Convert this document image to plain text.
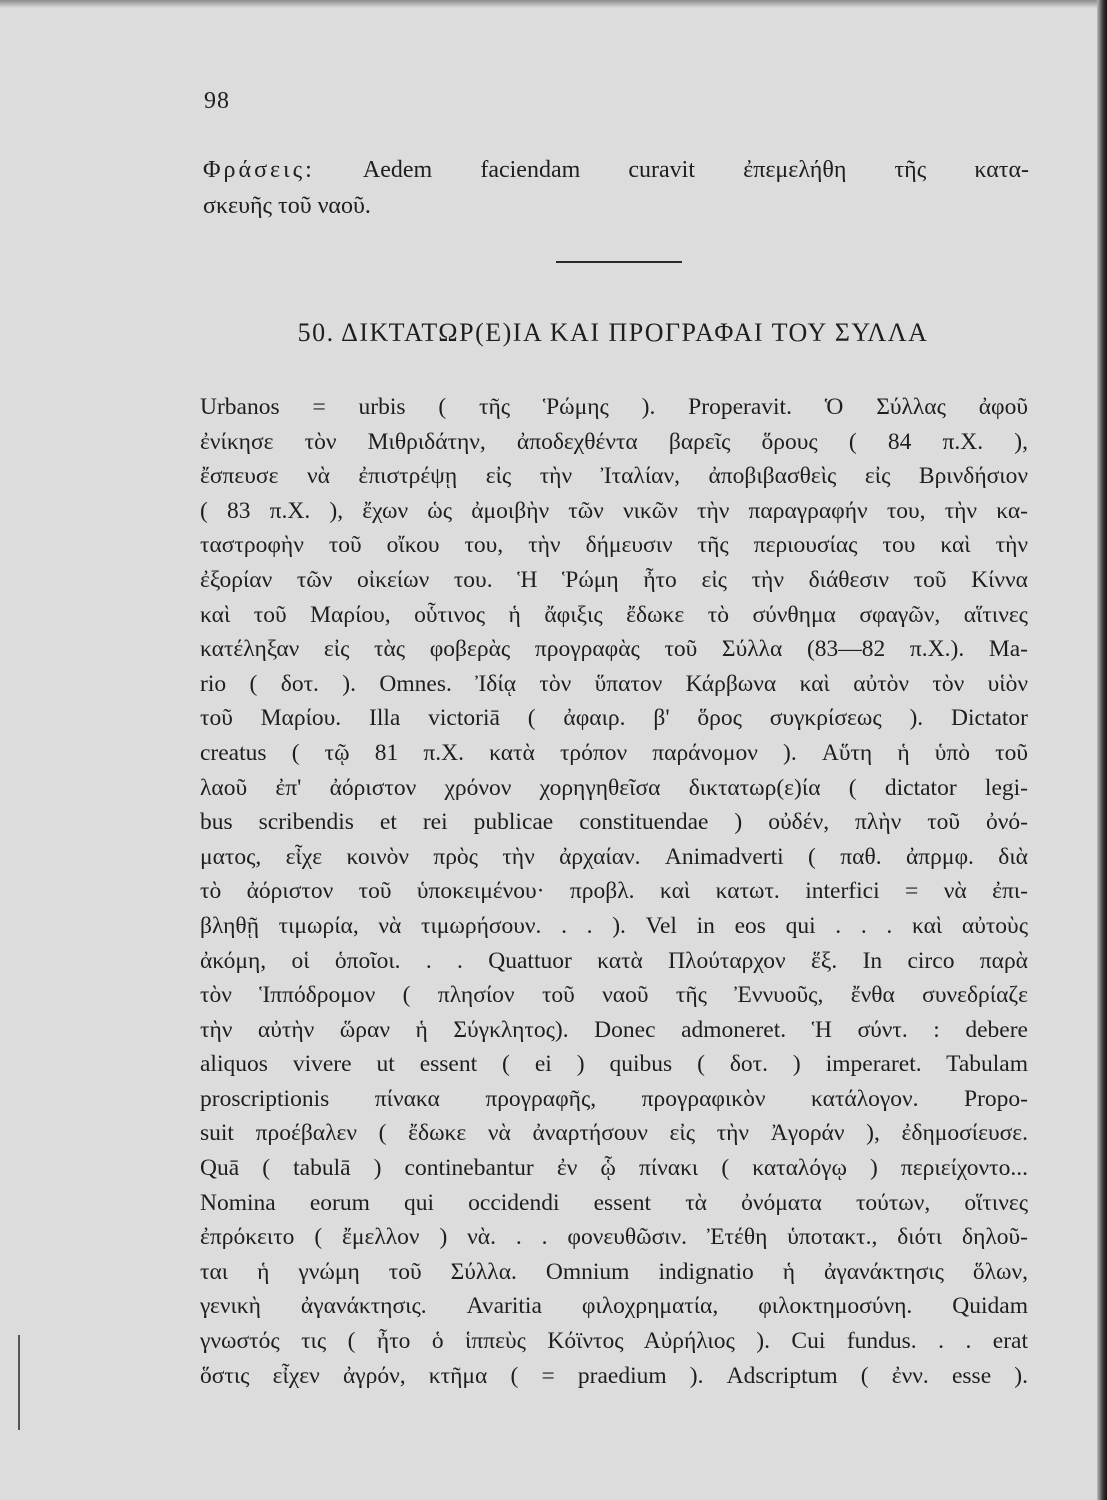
98
Φράσεις: Aedem faciendam curavit ἐπεμελήθη τῆς κατα-
σκευῆς τοῦ ναοῦ.
50. ΔΙΚΤΑΤΩΡ(Ε)ΙΑ ΚΑΙ ΠΡΟΓΡΑΦΑΙ ΤΟΥ ΣΥΛΛΑ
Urbanos = urbis ( τῆς Ῥώμης ). Properavit. Ὁ Σύλλας ἀφοῦ
ἐνίκησε τὸν Μιθριδάτην, ἀποδεχθέντα βαρεῖς ὅρους ( 84 π.Χ. ),
ἔσπευσε νὰ ἐπιστρέψῃ εἰς τὴν Ἰταλίαν, ἀποβιβασθεὶς εἰς Βρινδήσιον
( 83 π.Χ. ), ἔχων ὡς ἀμοιβὴν τῶν νικῶν τὴν παραγραφήν του, τὴν κα-
ταστροφὴν τοῦ οἴκου του, τὴν δήμευσιν τῆς περιουσίας του καὶ τὴν
ἐξορίαν τῶν οἰκείων του. Ἡ Ῥώμη ἦτο εἰς τὴν διάθεσιν τοῦ Κίννα
καὶ τοῦ Μαρίου, οὗτινος ἡ ἄφιξις ἔδωκε τὸ σύνθημα σφαγῶν, αἵτινες
κατέληξαν εἰς τὰς φοβερὰς προγραφὰς τοῦ Σύλλα (83—82 π.Χ.). Ma-
rio ( δοτ. ). Omnes. Ἰδίᾳ τὸν ὕπατον Κάρβωνα καὶ αὐτὸν τὸν υἱὸν
τοῦ Μαρίου. Illa victoriā ( ἀφαιρ. β' ὅρος συγκρίσεως ). Dictator
creatus ( τῷ 81 π.Χ. κατὰ τρόπον παράνομον ). Αὕτη ἡ ὑπὸ τοῦ
λαοῦ ἐπ' ἀόριστον χρόνον χορηγηθεῖσα δικτατωρ(ε)ία ( dictator legi-
bus scribendis et rei publicae constituendae ) οὐδέν, πλὴν τοῦ ὀνό-
ματος, εἶχε κοινὸν πρὸς τὴν ἀρχαίαν. Animadverti ( παθ. ἀπρμφ. διὰ
τὸ ἀόριστον τοῦ ὑποκειμένου· προβλ. καὶ κατωτ. interfici = νὰ ἐπι-
βληθῇ τιμωρία, νὰ τιμωρήσουν. . . ). Vel in eos qui . . . καὶ αὐτοὺς
ἀκόμη, οἱ ὁποῖοι. . . Quattuor κατὰ Πλούταρχον ἕξ. In circo παρὰ
τὸν Ἱππόδρομον ( πλησίον τοῦ ναοῦ τῆς Ἐννυοῦς, ἔνθα συνεδρίαζε
τὴν αὐτὴν ὥραν ἡ Σύγκλητος). Donec admoneret. Ἡ σύντ. : debere
aliquos vivere ut essent ( ei ) quibus ( δοτ. ) imperaret. Tabulam
proscriptionis πίνακα προγραφῆς, προγραφικὸν κατάλογον. Propo-
suit προέβαλεν ( ἔδωκε νὰ ἀναρτήσουν εἰς τὴν Ἀγοράν ), ἐδημοσίευσε.
Quā ( tabulā ) continebantur ἐν ᾧ πίνακι ( καταλόγῳ ) περιείχοντο...
Nomina eorum qui occidendi essent τὰ ὀνόματα τούτων, οἵτινες
ἐπρόκειτο ( ἔμελλον ) νὰ. . . φονευθῶσιν. Ἐτέθη ὑποτακτ., διότι δηλοῦ-
ται ἡ γνώμη τοῦ Σύλλα. Omnium indignatio ἡ ἀγανάκτησις ὅλων,
γενικὴ ἀγανάκτησις. Avaritia φιλοχρηματία, φιλοκτημοσύνη. Quidam
γνωστός τις ( ἦτο ὁ ἱππεὺς Κόϊντος Αὐρήλιος ). Cui fundus. . . erat
ὅστις εἶχεν ἀγρόν, κτῆμα ( = praedium ). Adscriptum ( ἐνν. esse ).
